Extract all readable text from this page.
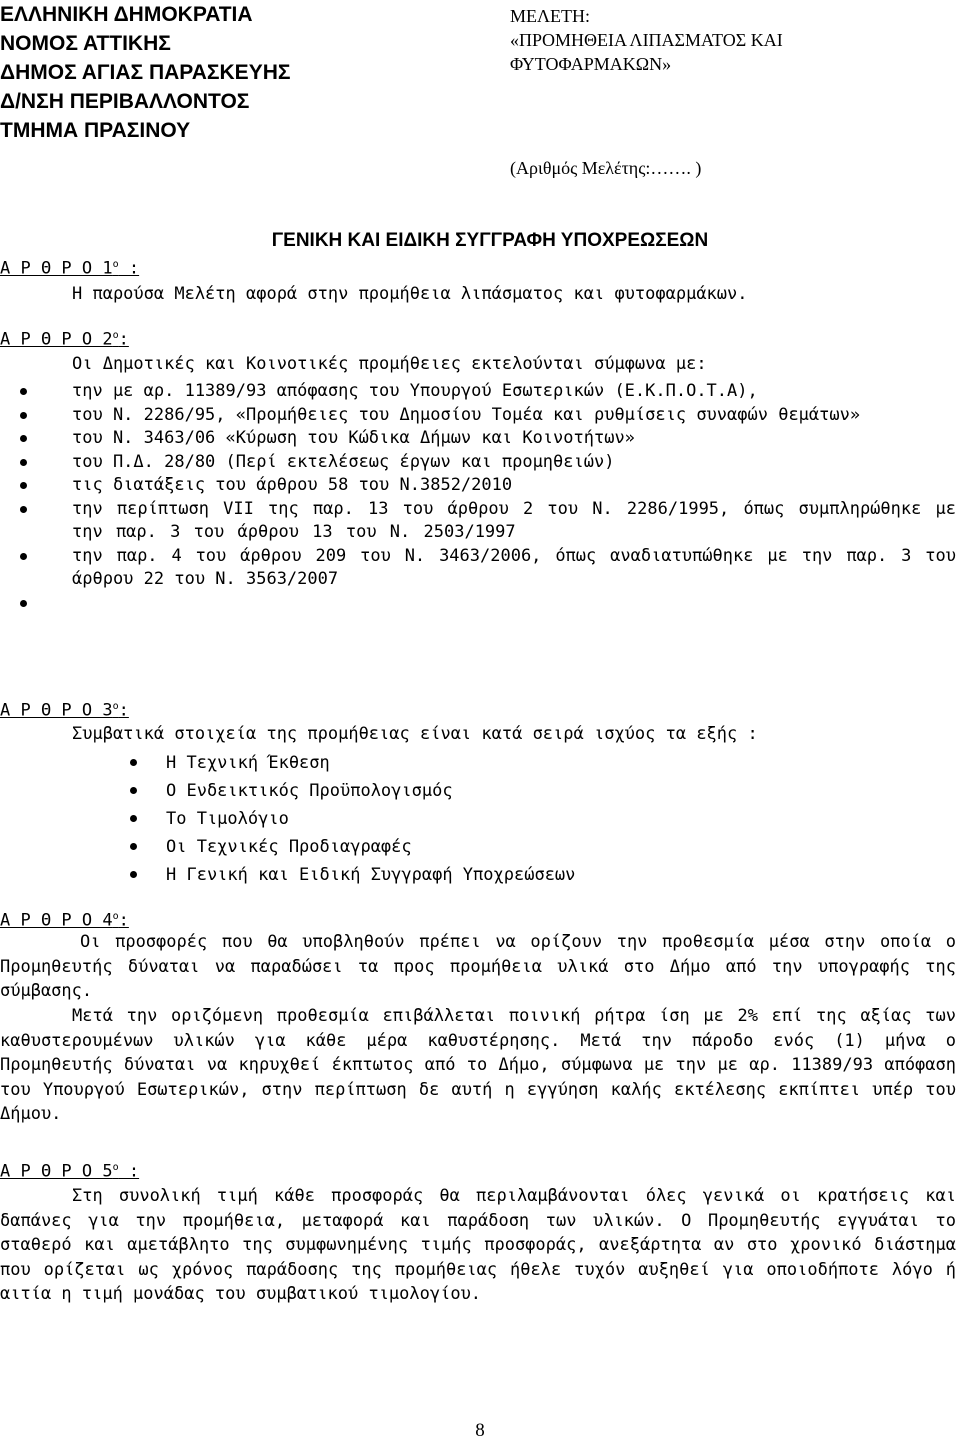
ΕΛΛΗΝΙΚΗ ΔΗΜΟΚΡΑΤΙΑ
ΝΟΜΟΣ ΑΤΤΙΚΗΣ
ΔΗΜΟΣ ΑΓΙΑΣ ΠΑΡΑΣΚΕΥΗΣ
Δ/ΝΣΗ ΠΕΡΙΒΑΛΛΟΝΤΟΣ
ΤΜΗΜΑ ΠΡΑΣΙΝΟΥ
ΜΕΛΕΤΗ:
«ΠΡΟΜΗΘΕΙΑ ΛΙΠΑΣΜΑΤΟΣ ΚΑΙ
ΦΥΤΟΦΑΡΜΑΚΩΝ»
(Αριθμός Μελέτης:……. )
ΓΕΝΙΚΗ ΚΑΙ ΕΙΔΙΚΗ ΣΥΓΓΡΑΦΗ ΥΠΟΧΡΕΩΣΕΩΝ
Α Ρ Θ Ρ Ο $1^o$ :
Η παρούσα Μελέτη αφορά στην προμήθεια λιπάσματος και φυτοφαρμάκων.
Α Ρ Θ Ρ Ο $2^o$:
Οι Δημοτικές και Κοινοτικές προμήθειες εκτελούνται σύμφωνα με:
την με αρ. 11389/93 απόφασης του Υπουργού Εσωτερικών (Ε.Κ.Π.Ο.Τ.Α),
του Ν. 2286/95, «Προμήθειες του Δημοσίου Τομέα και ρυθμίσεις συναφών θεμάτων»
του Ν. 3463/06 «Κύρωση του Κώδικα Δήμων και Κοινοτήτων»
του Π.Δ. 28/80 (Περί εκτελέσεως έργων και προμηθειών)
τις διατάξεις του άρθρου 58 του Ν.3852/2010
την περίπτωση VII της παρ. 13 του άρθρου 2 του Ν. 2286/1995, όπως συμπληρώθηκε με την παρ. 3 του άρθρου 13 του Ν. 2503/1997
την παρ. 4 του άρθρου 209 του Ν. 3463/2006, όπως αναδιατυπώθηκε με την παρ. 3 του άρθρου 22 του Ν. 3563/2007

Α Ρ Θ Ρ Ο $3^o$:
Συμβατικά στοιχεία της προμήθειας είναι κατά σειρά ισχύος τα εξής :
Η Τεχνική Έκθεση
Ο Ενδεικτικός Προϋπολογισμός
Το Τιμολόγιο
Οι Τεχνικές Προδιαγραφές
Η Γενική και Ειδική Συγγραφή Υποχρεώσεων
Α Ρ Θ Ρ Ο $4^o$:

Οι προσφορές που θα υποβληθούν πρέπει να ορίζουν την προθεσμία μέσα στην οποία ο Προμηθευτής δύναται να παραδώσει τα προς προμήθεια υλικά στο Δήμο από την υπογραφής της σύμβασης.

Μετά την οριζόμενη προθεσμία επιβάλλεται ποινική ρήτρα ίση με 2% επί της αξίας των καθυστερουμένων υλικών για κάθε μέρα καθυστέρησης. Μετά την πάροδο ενός (1) μήνα ο Προμηθευτής δύναται να κηρυχθεί έκπτωτος από το Δήμο, σύμφωνα με την με αρ. 11389/93 απόφαση του Υπουργού Εσωτερικών, στην περίπτωση δε αυτή η εγγύηση καλής εκτέλεσης εκπίπτει υπέρ του Δήμου.

Α Ρ Θ Ρ Ο $5^o$ :

Στη συνολική τιμή κάθε προσφοράς θα περιλαμβάνονται όλες γενικά οι κρατήσεις και δαπάνες για την προμήθεια, μεταφορά και παράδοση των υλικών. Ο Προμηθευτής εγγυάται το σταθερό και αμετάβλητο της συμφωνημένης τιμής προσφοράς, ανεξάρτητα αν στο χρονικό διάστημα που ορίζεται ως χρόνος παράδοσης της προμήθειας ήθελε τυχόν αυξηθεί για οποιοδήποτε λόγο ή αιτία η τιμή μονάδας του συμβατικού τιμολογίου.

8
